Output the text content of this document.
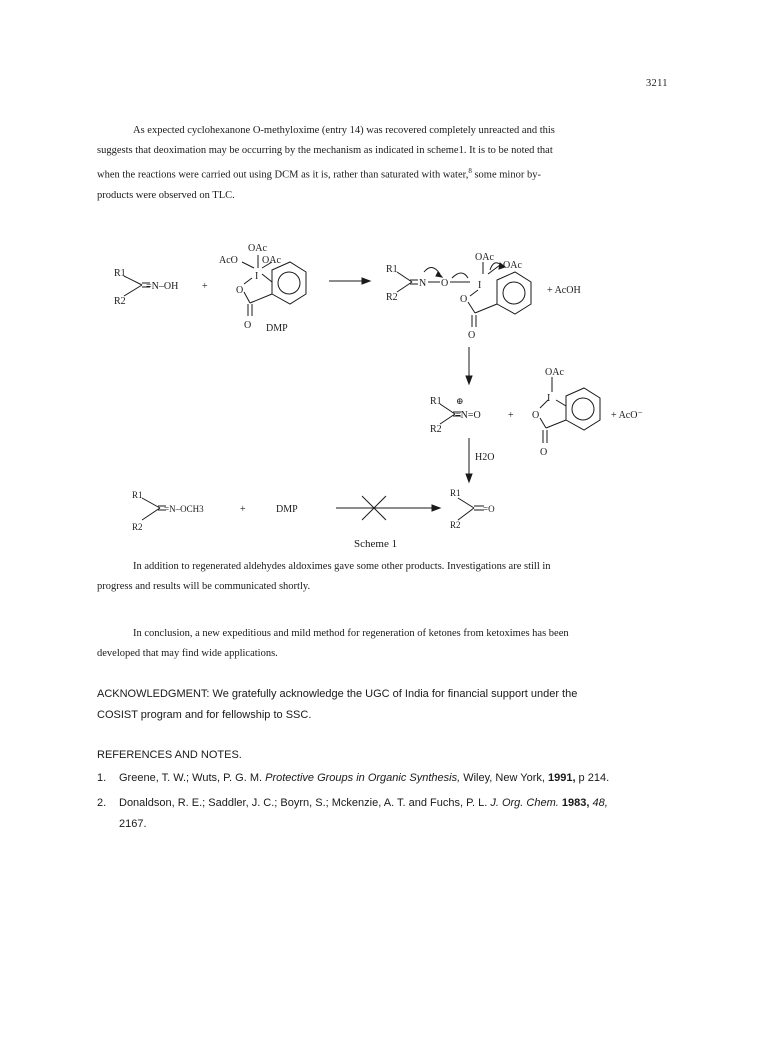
3211
As expected cyclohexanone O-methyloxime (entry 14) was recovered completely unreacted and this
suggests that deoximation may be occurring by the mechanism as indicated in scheme1. It is to be noted that
when the reactions were carried out using DCM as it is, rather than saturated with water,$^8$ some minor by-
products were observed on TLC.
R1
R2
=N–OH +
OAc
AcO OAc
I
O
O DMP
OAc
R1
R2
N O	I
OAc
O
O
+ AcOH
R1
R2
⊕
=N=O	+
OAc
I
O
O
+ AcO⁻
H2O
R1
R2
=N–OCH3	+	DMP
R1
R2
=O
Scheme 1
In addition to regenerated aldehydes aldoximes gave some other products. Investigations are still in
progress and results will be communicated shortly.
In conclusion, a new expeditious and mild method for regeneration of ketones from ketoximes has been
developed that may find wide applications.
ACKNOWLEDGMENT: We gratefully acknowledge the UGC of India for financial support under the
COSIST program and for fellowship to SSC.
REFERENCES AND NOTES.
1. Greene, T. W.; Wuts, P. G. M. Protective Groups in Organic Synthesis, Wiley, New York, 1991, p 214.
2. Donaldson, R. E.; Saddler, J. C.; Boyrn, S.; Mckenzie, A. T. and Fuchs, P. L. J. Org. Chem. 1983, 48,
2167.
